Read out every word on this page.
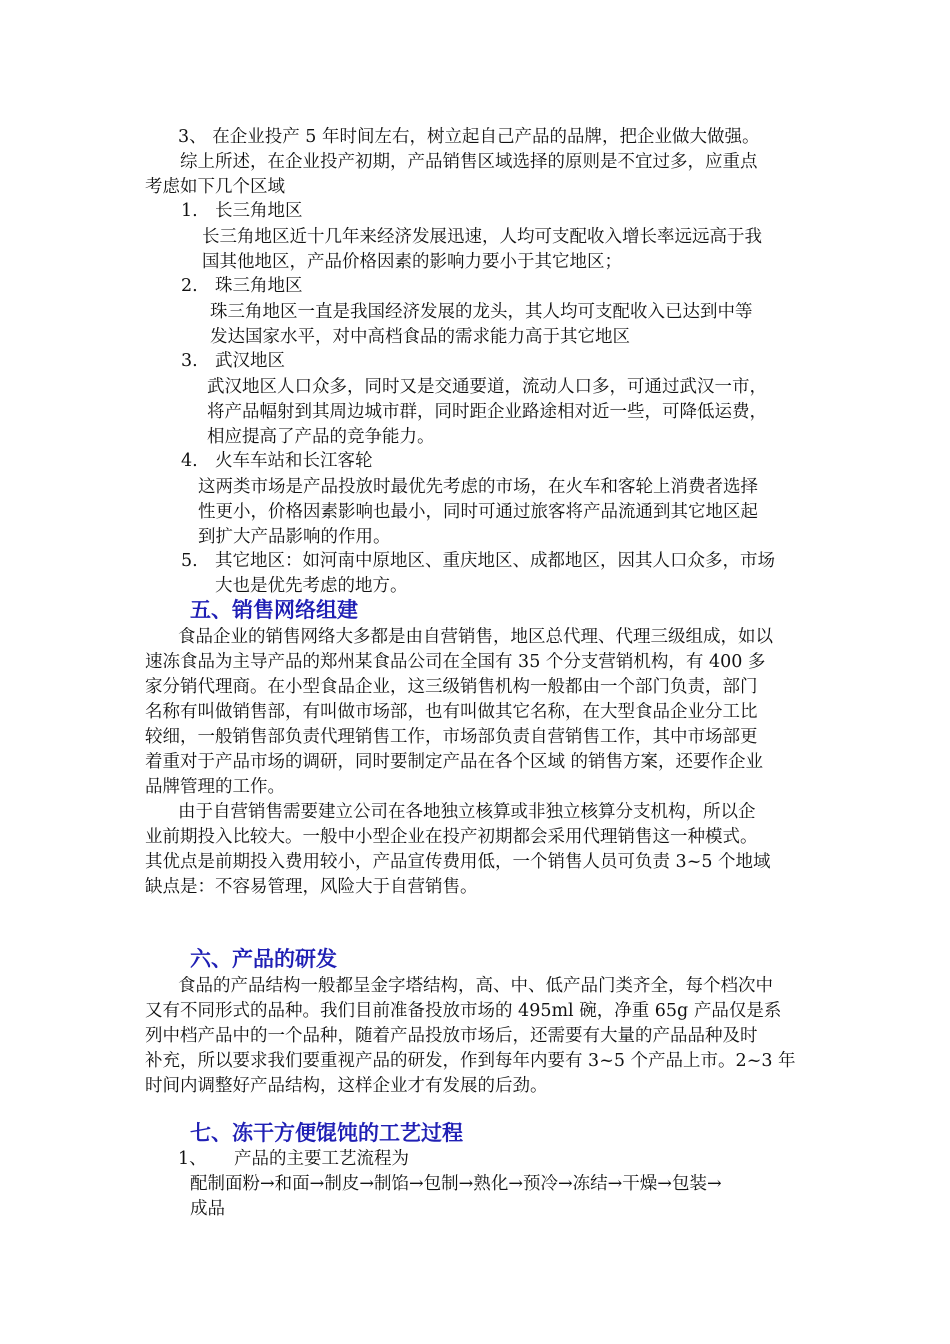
3、 在企业投产 5 年时间左右，树立起自己产品的品牌，把企业做大做强。
综上所述，在企业投产初期，产品销售区域选择的原则是不宜过多，应重点
考虑如下几个区域
1. 长三角地区
长三角地区近十几年来经济发展迅速，人均可支配收入增长率远远高于我
国其他地区，产品价格因素的影响力要小于其它地区；
2. 珠三角地区
珠三角地区一直是我国经济发展的龙头，其人均可支配收入已达到中等
发达国家水平，对中高档食品的需求能力高于其它地区
3. 武汉地区
武汉地区人口众多，同时又是交通要道，流动人口多，可通过武汉一市，
将产品幅射到其周边城市群，同时距企业路途相对近一些，可降低运费，
相应提高了产品的竞争能力。
4. 火车车站和长江客轮
这两类市场是产品投放时最优先考虑的市场，在火车和客轮上消费者选择
性更小，价格因素影响也最小，同时可通过旅客将产品流通到其它地区起
到扩大产品影响的作用。
5. 其它地区：如河南中原地区、重庆地区、成都地区，因其人口众多，市场
大也是优先考虑的地方。
五、销售网络组建
食品企业的销售网络大多都是由自营销售，地区总代理、代理三级组成，如以
速冻食品为主导产品的郑州某食品公司在全国有 35 个分支营销机构，有 400 多
家分销代理商。在小型食品企业，这三级销售机构一般都由一个部门负责，部门
名称有叫做销售部，有叫做市场部，也有叫做其它名称，在大型食品企业分工比
较细，一般销售部负责代理销售工作，市场部负责自营销售工作，其中市场部更
着重对于产品市场的调研，同时要制定产品在各个区域 的销售方案，还要作企业
品牌管理的工作。
由于自营销售需要建立公司在各地独立核算或非独立核算分支机构，所以企
业前期投入比较大。一般中小型企业在投产初期都会采用代理销售这一种模式。
其优点是前期投入费用较小，产品宣传费用低，一个销售人员可负责 3~5 个地域
缺点是：不容易管理，风险大于自营销售。
六、产品的研发
食品的产品结构一般都呈金字塔结构，高、中、低产品门类齐全，每个档次中
又有不同形式的品种。我们目前准备投放市场的 495ml 碗，净重 65g 产品仅是系
列中档产品中的一个品种，随着产品投放市场后，还需要有大量的产品品种及时
补充，所以要求我们要重视产品的研发，作到每年内要有 3~5 个产品上市。2~3 年
时间内调整好产品结构，这样企业才有发展的后劲。
七、冻干方便馄饨的工艺过程
1、 产品的主要工艺流程为
配制面粉→和面→制皮→制馅→包制→熟化→预冷→冻结→干燥→包装→
成品
